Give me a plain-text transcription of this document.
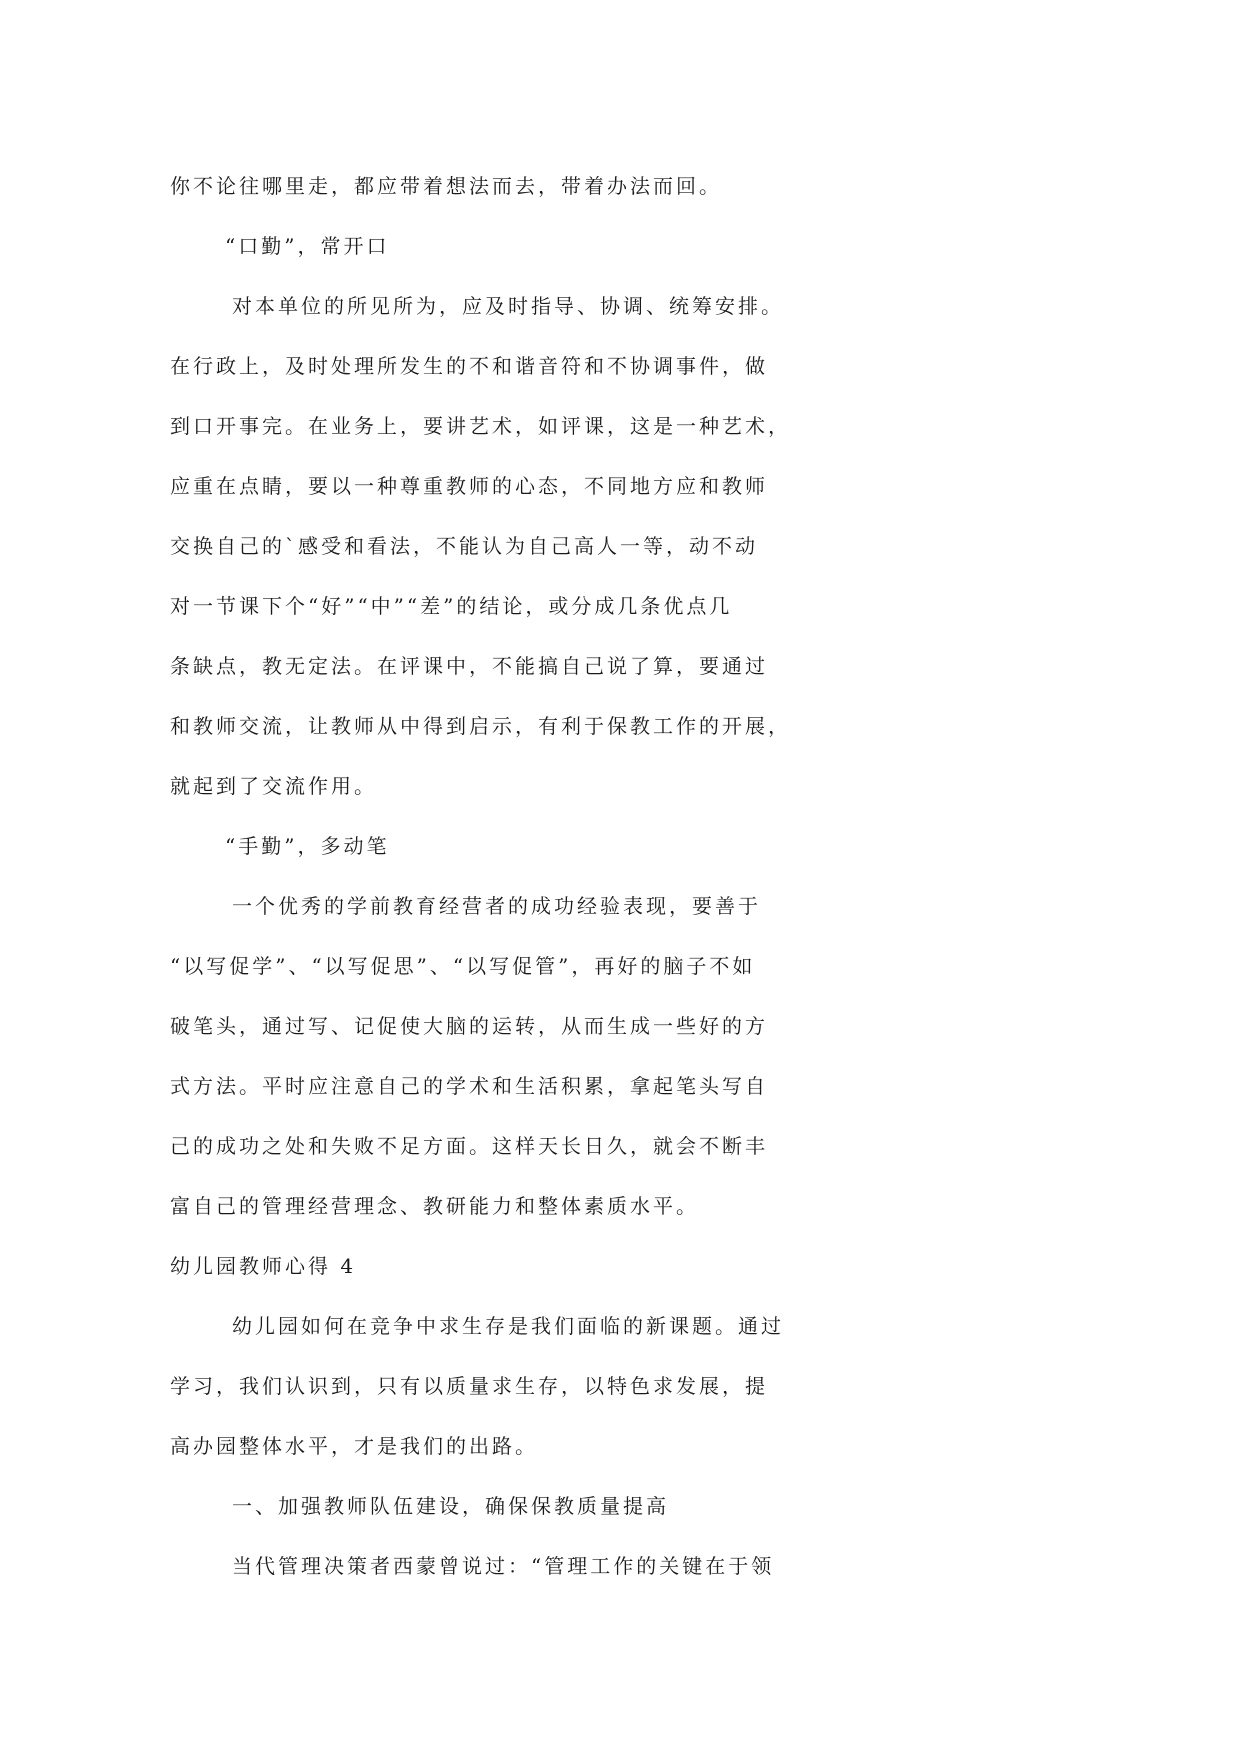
你不论往哪里走，都应带着想法而去，带着办法而回。
“口勤”，常开口
对本单位的所见所为，应及时指导、协调、统筹安排。
在行政上，及时处理所发生的不和谐音符和不协调事件，做
到口开事完。在业务上，要讲艺术，如评课，这是一种艺术，
应重在点睛，要以一种尊重教师的心态，不同地方应和教师
交换自己的`感受和看法，不能认为自己高人一等，动不动
对一节课下个“好”“中”“差”的结论，或分成几条优点几
条缺点，教无定法。在评课中，不能搞自己说了算，要通过
和教师交流，让教师从中得到启示，有利于保教工作的开展，
就起到了交流作用。
“手勤”，多动笔
一个优秀的学前教育经营者的成功经验表现，要善于
“以写促学”、“以写促思”、“以写促管”，再好的脑子不如
破笔头，通过写、记促使大脑的运转，从而生成一些好的方
式方法。平时应注意自己的学术和生活积累，拿起笔头写自
己的成功之处和失败不足方面。这样天长日久，就会不断丰
富自己的管理经营理念、教研能力和整体素质水平。
幼儿园教师心得 4
幼儿园如何在竞争中求生存是我们面临的新课题。通过
学习，我们认识到，只有以质量求生存，以特色求发展，提
高办园整体水平，才是我们的出路。
一、加强教师队伍建设，确保保教质量提高
当代管理决策者西蒙曾说过：“管理工作的关键在于领
